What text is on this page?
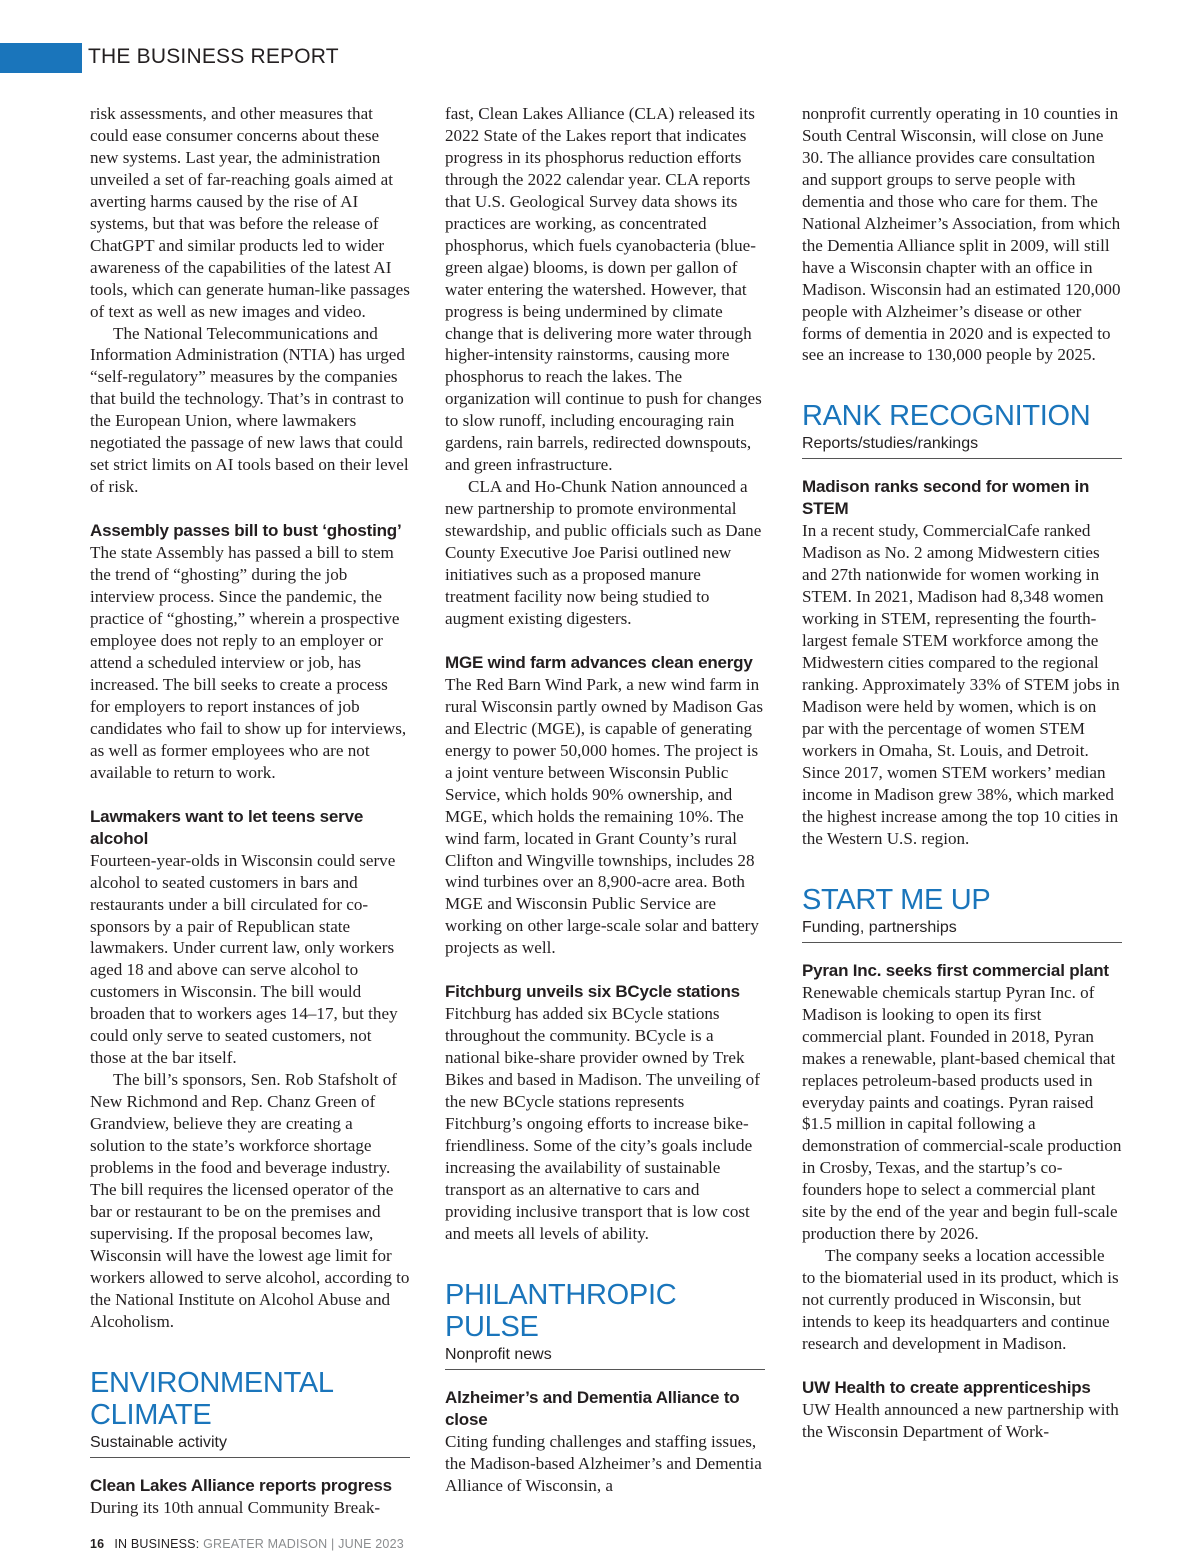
THE BUSINESS REPORT

risk assessments, and other measures that could ease consumer concerns about these new systems. Last year, the administration unveiled a set of far-reaching goals aimed at averting harms caused by the rise of AI systems, but that was before the release of ChatGPT and similar products led to wider awareness of the capabilities of the latest AI tools, which can generate human-like passages of text as well as new images and video.

The National Telecommunications and Information Administration (NTIA) has urged “self-regulatory” measures by the companies that build the technology. That’s in contrast to the European Union, where lawmakers negotiated the passage of new laws that could set strict limits on AI tools based on their level of risk.

Assembly passes bill to bust ‘ghosting’

The state Assembly has passed a bill to stem the trend of “ghosting” during the job interview process. Since the pandemic, the practice of “ghosting,” wherein a prospective employee does not reply to an employer or attend a scheduled interview or job, has increased. The bill seeks to create a process for employers to report instances of job candidates who fail to show up for interviews, as well as former employees who are not available to return to work.

Lawmakers want to let teens serve alcohol

Fourteen-year-olds in Wisconsin could serve alcohol to seated customers in bars and restaurants under a bill circulated for co-sponsors by a pair of Republican state lawmakers. Under current law, only workers aged 18 and above can serve alcohol to customers in Wisconsin. The bill would broaden that to workers ages 14–17, but they could only serve to seated customers, not those at the bar itself.

The bill’s sponsors, Sen. Rob Stafsholt of New Richmond and Rep. Chanz Green of Grandview, believe they are creating a solution to the state’s workforce shortage problems in the food and beverage industry. The bill requires the licensed operator of the bar or restaurant to be on the premises and supervising. If the proposal becomes law, Wisconsin will have the lowest age limit for workers allowed to serve alcohol, according to the National Institute on Alcohol Abuse and Alcoholism.

ENVIRONMENTAL CLIMATE

Sustainable activity

Clean Lakes Alliance reports progress

During its 10th annual Community Break-

fast, Clean Lakes Alliance (CLA) released its 2022 State of the Lakes report that indicates progress in its phosphorus reduction efforts through the 2022 calendar year. CLA reports that U.S. Geological Survey data shows its practices are working, as concentrated phosphorus, which fuels cyanobacteria (blue-green algae) blooms, is down per gallon of water entering the watershed. However, that progress is being undermined by climate change that is delivering more water through higher-intensity rainstorms, causing more phosphorus to reach the lakes. The organization will continue to push for changes to slow runoff, including encouraging rain gardens, rain barrels, redirected downspouts, and green infrastructure.

CLA and Ho-Chunk Nation announced a new partnership to promote environmental stewardship, and public officials such as Dane County Executive Joe Parisi outlined new initiatives such as a proposed manure treatment facility now being studied to augment existing digesters.

MGE wind farm advances clean energy

The Red Barn Wind Park, a new wind farm in rural Wisconsin partly owned by Madison Gas and Electric (MGE), is capable of generating energy to power 50,000 homes. The project is a joint venture between Wisconsin Public Service, which holds 90% ownership, and MGE, which holds the remaining 10%. The wind farm, located in Grant County’s rural Clifton and Wingville townships, includes 28 wind turbines over an 8,900-acre area. Both MGE and Wisconsin Public Service are working on other large-scale solar and battery projects as well.

Fitchburg unveils six BCycle stations

Fitchburg has added six BCycle stations throughout the community. BCycle is a national bike-share provider owned by Trek Bikes and based in Madison. The unveiling of the new BCycle stations represents Fitchburg’s ongoing efforts to increase bike-friendliness. Some of the city’s goals include increasing the availability of sustainable transport as an alternative to cars and providing inclusive transport that is low cost and meets all levels of ability.

PHILANTHROPIC PULSE

Nonprofit news

Alzheimer’s and Dementia Alliance to close

Citing funding challenges and staffing issues, the Madison-based Alzheimer’s and Dementia Alliance of Wisconsin, a

nonprofit currently operating in 10 counties in South Central Wisconsin, will close on June 30. The alliance provides care consultation and support groups to serve people with dementia and those who care for them. The National Alzheimer’s Association, from which the Dementia Alliance split in 2009, will still have a Wisconsin chapter with an office in Madison. Wisconsin had an estimated 120,000 people with Alzheimer’s disease or other forms of dementia in 2020 and is expected to see an increase to 130,000 people by 2025.

RANK RECOGNITION

Reports/studies/rankings

Madison ranks second for women in STEM

In a recent study, CommercialCafe ranked Madison as No. 2 among Midwestern cities and 27th nationwide for women working in STEM. In 2021, Madison had 8,348 women working in STEM, representing the fourth-largest female STEM workforce among the Midwestern cities compared to the regional ranking. Approximately 33% of STEM jobs in Madison were held by women, which is on par with the percentage of women STEM workers in Omaha, St. Louis, and Detroit. Since 2017, women STEM workers’ median income in Madison grew 38%, which marked the highest increase among the top 10 cities in the Western U.S. region.

START ME UP

Funding, partnerships

Pyran Inc. seeks first commercial plant

Renewable chemicals startup Pyran Inc. of Madison is looking to open its first commercial plant. Founded in 2018, Pyran makes a renewable, plant-based chemical that replaces petroleum-based products used in everyday paints and coatings. Pyran raised $1.5 million in capital following a demonstration of commercial-scale production in Crosby, Texas, and the startup’s co-founders hope to select a commercial plant site by the end of the year and begin full-scale production there by 2026.

The company seeks a location accessible to the biomaterial used in its product, which is not currently produced in Wisconsin, but intends to keep its headquarters and continue research and development in Madison.

UW Health to create apprenticeships

UW Health announced a new partnership with the Wisconsin Department of Work-

16 IN BUSINESS: GREATER MADISON | JUNE 2023
